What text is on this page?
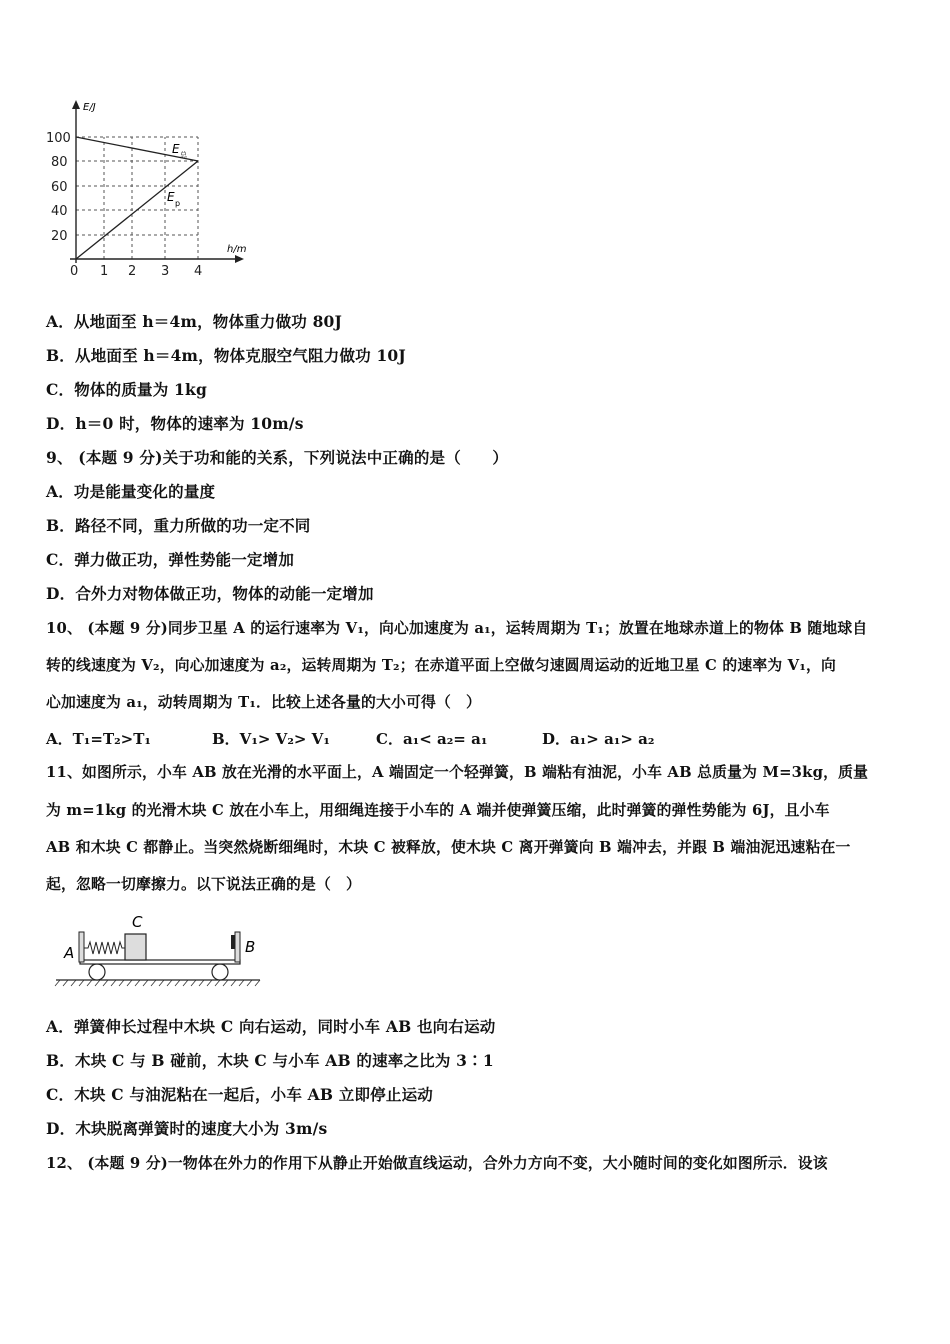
E/J
h/m
100
80
60
40
20
0 1 2 3 4
E 总
E p
A．从地面至 h＝4m，物体重力做功 80J
B．从地面至 h＝4m，物体克服空气阻力做功 10J
C．物体的质量为 1kg
D．h＝0 时，物体的速率为 10m/s
9、 (本题 9 分)关于功和能的关系，下列说法中正确的是（　　）
A．功是能量变化的量度
B．路径不同，重力所做的功一定不同
C．弹力做正功，弹性势能一定增加
D．合外力对物体做正功，物体的动能一定增加
10、 (本题 9 分)同步卫星 A 的运行速率为 V₁，向心加速度为 a₁，运转周期为 T₁；放置在地球赤道上的物体 B 随地球自
转的线速度为 V₂，向心加速度为 a₂，运转周期为 T₂；在赤道平面上空做匀速圆周运动的近地卫星 C 的速率为 V₁，向
心加速度为 a₁，动转周期为 T₁．比较上述各量的大小可得（　）
A．T₁=T₂>T₁	B．V₁> V₂> V₁	C．a₁< a₂= a₁	D．a₁> a₁> a₂
11、如图所示，小车 AB 放在光滑的水平面上，A 端固定一个轻弹簧，B 端粘有油泥，小车 AB 总质量为 M=3kg，质量
为 m=1kg 的光滑木块 C 放在小车上，用细绳连接于小车的 A 端并使弹簧压缩，此时弹簧的弹性势能为 6J，且小车
AB 和木块 C 都静止。当突然烧断细绳时，木块 C 被释放，使木块 C 离开弹簧向 B 端冲去，并跟 B 端油泥迅速粘在一
起，忽略一切摩擦力。以下说法正确的是（　）
C
A	B
A．弹簧伸长过程中木块 C 向右运动，同时小车 AB 也向右运动
B．木块 C 与 B 碰前，木块 C 与小车 AB 的速率之比为 3∶1
C．木块 C 与油泥粘在一起后，小车 AB 立即停止运动
D．木块脱离弹簧时的速度大小为 3m/s
12、 (本题 9 分)一物体在外力的作用下从静止开始做直线运动，合外力方向不变，大小随时间的变化如图所示．设该
